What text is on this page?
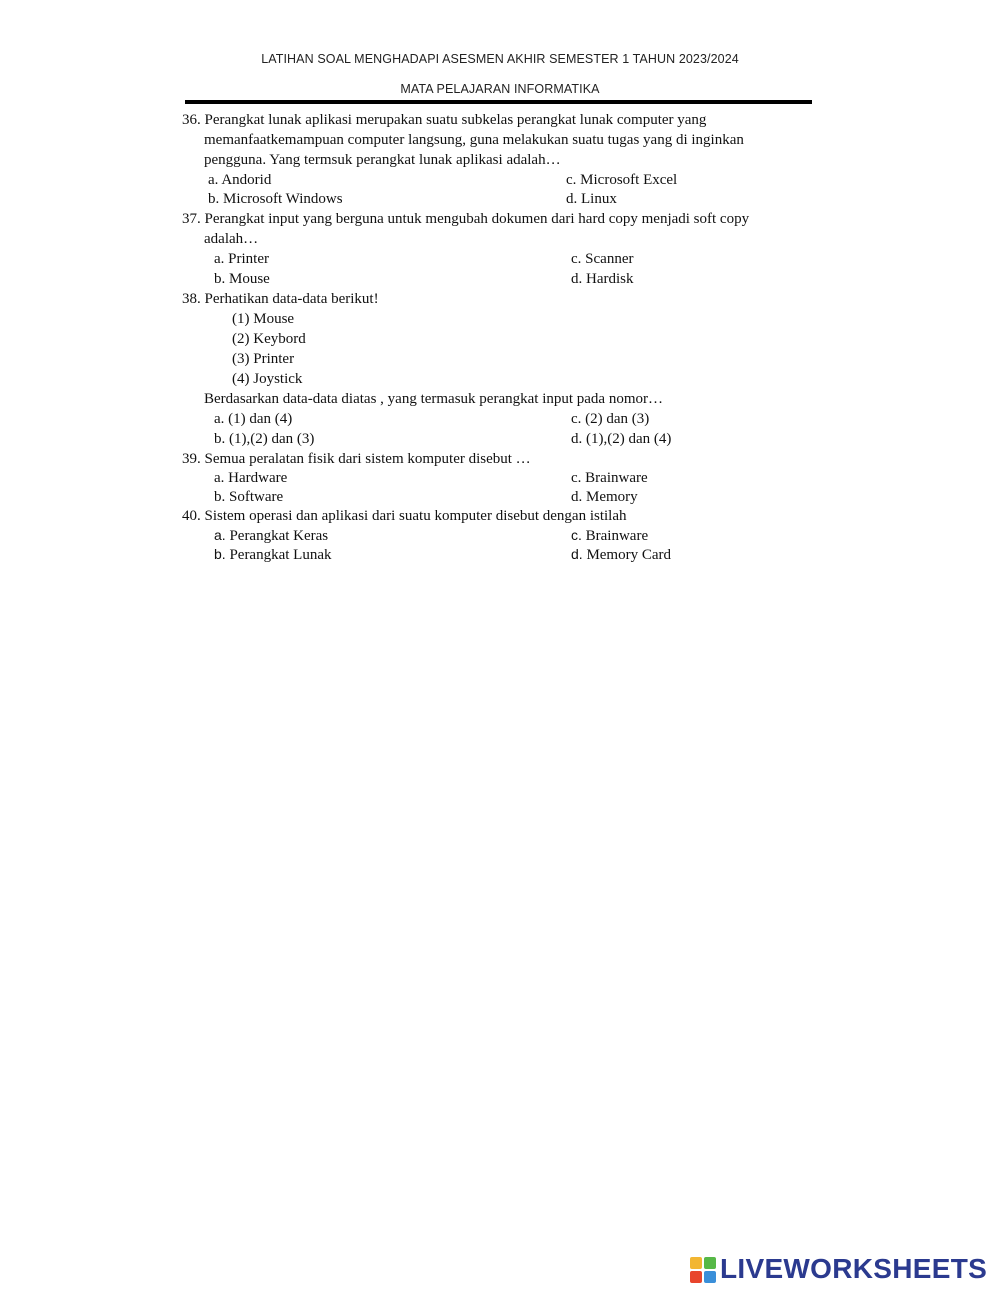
LATIHAN SOAL MENGHADAPI ASESMEN AKHIR SEMESTER 1 TAHUN 2023/2024
MATA PELAJARAN INFORMATIKA
36. Perangkat lunak aplikasi merupakan suatu subkelas perangkat lunak computer yang
memanfaatkemampuan computer langsung, guna melakukan suatu tugas yang di inginkan
pengguna. Yang termsuk perangkat lunak aplikasi adalah…
a. Andorid	c. Microsoft Excel
b. Microsoft Windows	d. Linux
37. Perangkat input yang berguna untuk mengubah dokumen dari hard copy menjadi soft copy
adalah…
a. Printer	c. Scanner
b. Mouse	d. Hardisk
38. Perhatikan data-data berikut!
(1) Mouse
(2) Keybord
(3) Printer
(4) Joystick
Berdasarkan data-data diatas , yang termasuk perangkat input pada nomor…
a. (1) dan (4)	c. (2) dan (3)
b. (1),(2) dan (3)	d. (1),(2) dan (4)
39. Semua peralatan fisik dari sistem komputer disebut …
a. Hardware	c. Brainware
b. Software	d. Memory
40. Sistem operasi dan aplikasi dari suatu komputer disebut dengan istilah
a. Perangkat Keras	c. Brainware
b. Perangkat Lunak	d. Memory Card
LIVEWORKSHEETS
